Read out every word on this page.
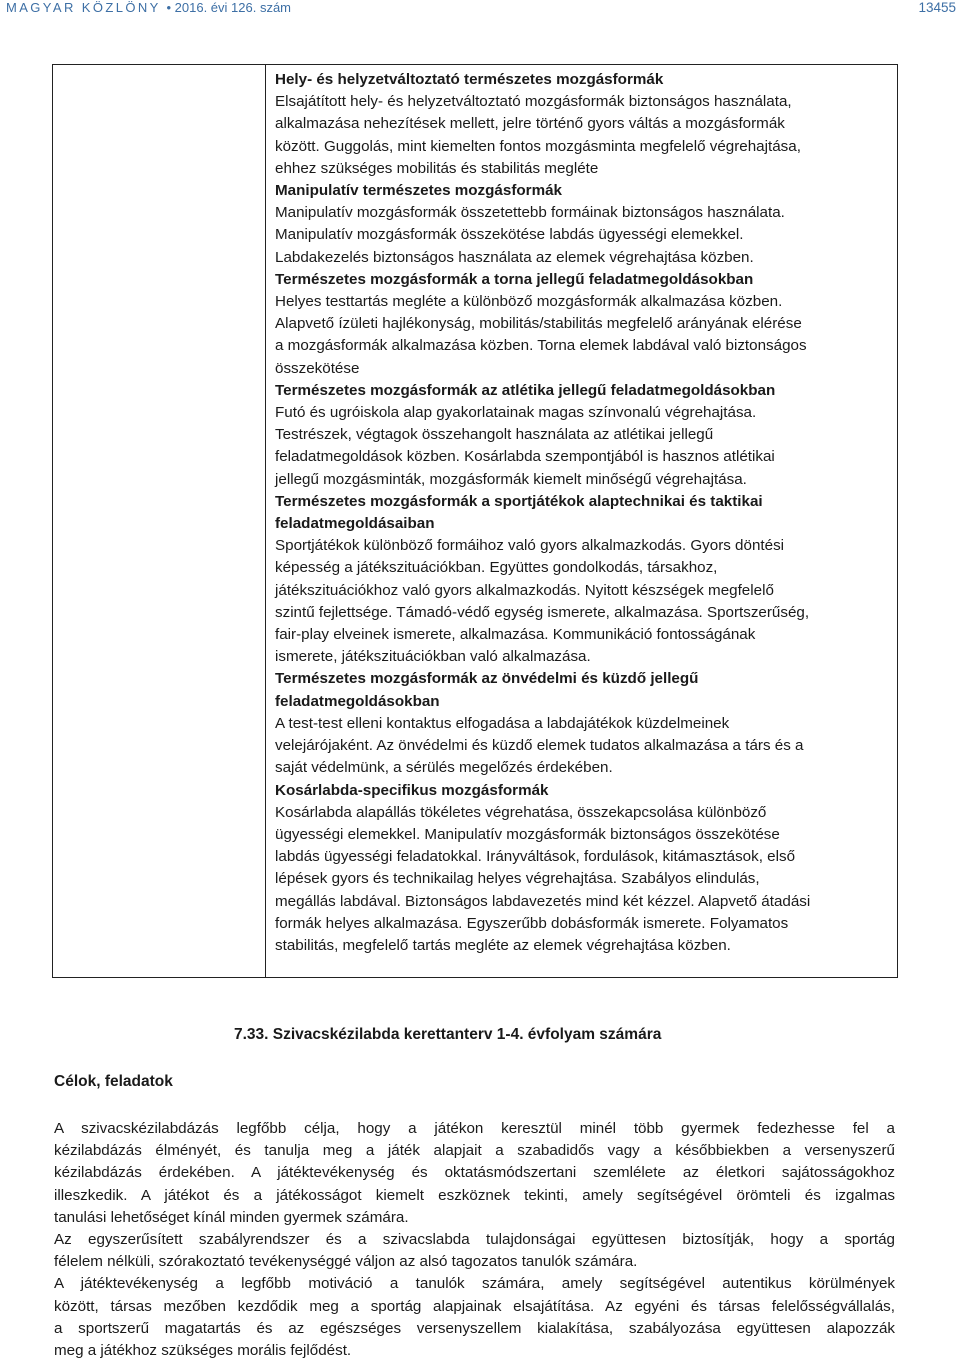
MAGYAR KÖZLÖNY • 2016. évi 126. szám	13455
Hely- és helyzetváltoztató természetes mozgásformák
Elsajátított hely- és helyzetváltoztató mozgásformák biztonságos használata,
alkalmazása nehezítések mellett, jelre történő gyors váltás a mozgásformák
között. Guggolás, mint kiemelten fontos mozgásminta megfelelő végrehajtása,
ehhez szükséges mobilitás és stabilitás megléte
Manipulatív természetes mozgásformák
Manipulatív mozgásformák összetettebb formáinak biztonságos használata.
Manipulatív mozgásformák összekötése labdás ügyességi elemekkel.
Labdakezelés biztonságos használata az elemek végrehajtása közben.
Természetes mozgásformák a torna jellegű feladatmegoldásokban
Helyes testtartás megléte a különböző mozgásformák alkalmazása közben.
Alapvető ízületi hajlékonyság, mobilitás/stabilitás megfelelő arányának elérése
a mozgásformák alkalmazása közben. Torna elemek labdával való biztonságos
összekötése
Természetes mozgásformák az atlétika jellegű feladatmegoldásokban
Futó és ugróiskola alap gyakorlatainak magas színvonalú végrehajtása.
Testrészek, végtagok összehangolt használata az atlétikai jellegű
feladatmegoldások közben. Kosárlabda szempontjából is hasznos atlétikai
jellegű mozgásminták, mozgásformák kiemelt minőségű végrehajtása.
Természetes mozgásformák a sportjátékok alaptechnikai és taktikai
feladatmegoldásaiban
Sportjátékok különböző formáihoz való gyors alkalmazkodás. Gyors döntési
képesség a játékszituációkban. Együttes gondolkodás, társakhoz,
játékszituációkhoz való gyors alkalmazkodás. Nyitott készségek megfelelő
szintű fejlettsége. Támadó-védő egység ismerete, alkalmazása. Sportszerűség,
fair-play elveinek ismerete, alkalmazása. Kommunikáció fontosságának
ismerete, játékszituációkban való alkalmazása.
Természetes mozgásformák az önvédelmi és küzdő jellegű
feladatmegoldásokban
A test-test elleni kontaktus elfogadása a labdajátékok küzdelmeinek
velejárójaként. Az önvédelmi és küzdő elemek tudatos alkalmazása a társ és a
saját védelmünk, a sérülés megelőzés érdekében.
Kosárlabda-specifikus mozgásformák
Kosárlabda alapállás tökéletes végrehatása, összekapcsolása különböző
ügyességi elemekkel. Manipulatív mozgásformák biztonságos összekötése
labdás ügyességi feladatokkal. Irányváltások, fordulások, kitámasztások, első
lépések gyors és technikailag helyes végrehajtása. Szabályos elindulás,
megállás labdával. Biztonságos labdavezetés mind két kézzel. Alapvető átadási
formák helyes alkalmazása. Egyszerűbb dobásformák ismerete. Folyamatos
stabilitás, megfelelő tartás megléte az elemek végrehajtása közben.
7.33. Szivacskézilabda kerettanterv 1-4. évfolyam számára
Célok, feladatok
A szivacskézilabdázás legfőbb célja, hogy a játékon keresztül minél több gyermek fedezhesse fel a
kézilabdázás élményét, és tanulja meg a játék alapjait a szabadidős vagy a későbbiekben a versenyszerű
kézilabdázás érdekében. A játéktevékenység és oktatásmódszertani szemlélete az életkori sajátosságokhoz
illeszkedik. A játékot és a játékosságot kiemelt eszköznek tekinti, amely segítségével örömteli és izgalmas
tanulási lehetőséget kínál minden gyermek számára.
Az egyszerűsített szabályrendszer és a szivacslabda tulajdonságai együttesen biztosítják, hogy a sportág
félelem nélküli, szórakoztató tevékenységgé váljon az alsó tagozatos tanulók számára.
A játéktevékenység a legfőbb motiváció a tanulók számára, amely segítségével autentikus körülmények
között, társas mezőben kezdődik meg a sportág alapjainak elsajátítása. Az egyéni és társas felelősségvállalás,
a sportszerű magatartás és az egészséges versenyszellem kialakítása, szabályozása együttesen alapozzák
meg a játékhoz szükséges morális fejlődést.
